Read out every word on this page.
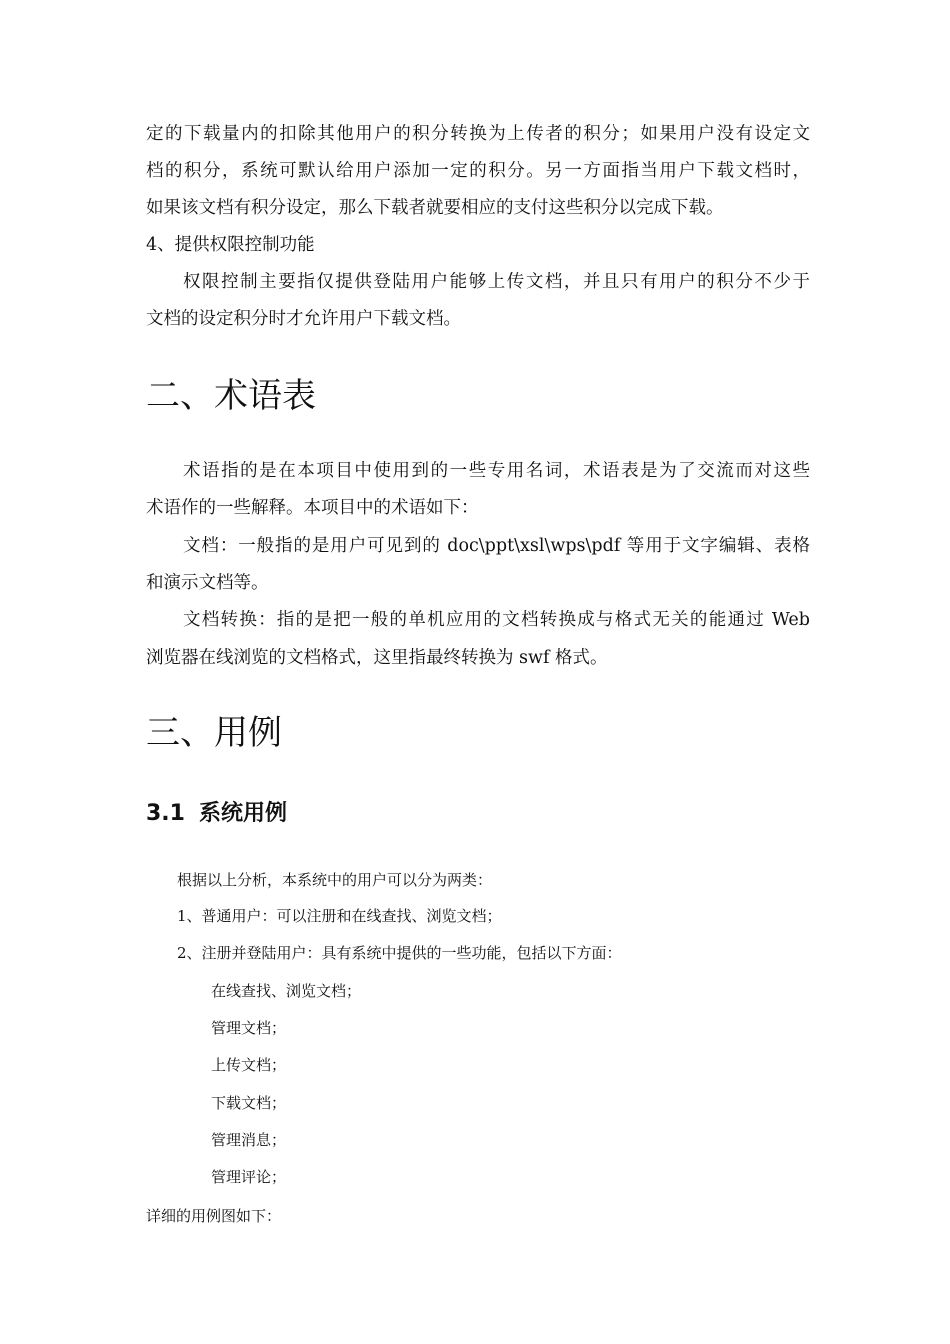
定的下载量内的扣除其他用户的积分转换为上传者的积分；如果用户没有设定文
档的积分，系统可默认给用户添加一定的积分。另一方面指当用户下载文档时，
如果该文档有积分设定，那么下载者就要相应的支付这些积分以完成下载。
4、提供权限控制功能
权限控制主要指仅提供登陆用户能够上传文档，并且只有用户的积分不少于
文档的设定积分时才允许用户下载文档。
二、术语表
术语指的是在本项目中使用到的一些专用名词，术语表是为了交流而对这些
术语作的一些解释。本项目中的术语如下：
文档：一般指的是用户可见到的 doc\ppt\xsl\wps\pdf 等用于文字编辑、表格
和演示文档等。
文档转换：指的是把一般的单机应用的文档转换成与格式无关的能通过 Web
浏览器在线浏览的文档格式，这里指最终转换为 swf 格式。
三、用例
3.1 系统用例
根据以上分析，本系统中的用户可以分为两类：
1、普通用户：可以注册和在线查找、浏览文档；
2、注册并登陆用户：具有系统中提供的一些功能，包括以下方面：
在线查找、浏览文档；
管理文档；
上传文档；
下载文档；
管理消息；
管理评论；
详细的用例图如下：
